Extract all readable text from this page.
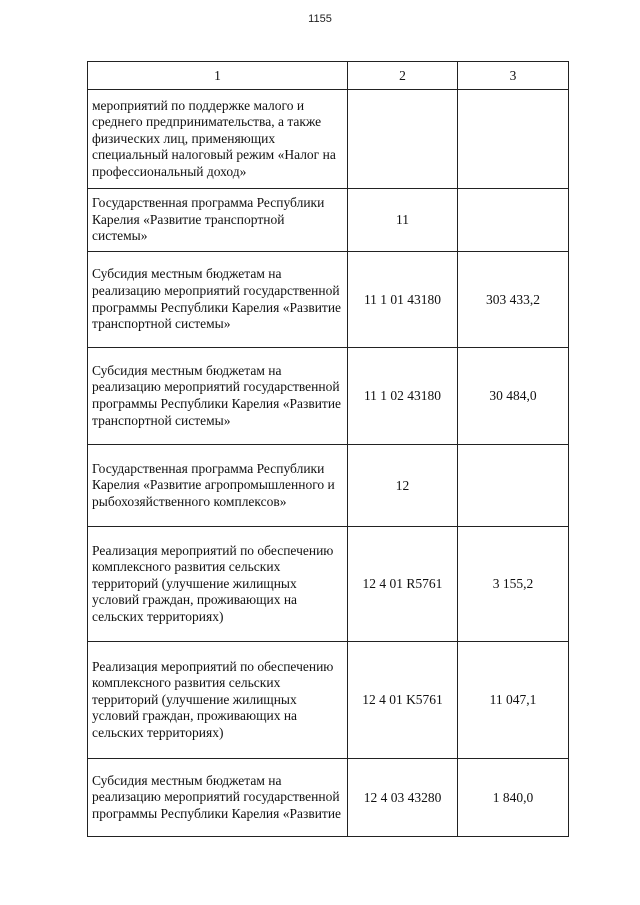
1155
1	2	3
мероприятий по поддержке малого и среднего предпринимательства, а также физических лиц, применяющих специальный налоговый режим «Налог на профессиональный доход»		
Государственная программа Республики Карелия «Развитие транспортной системы»	11	
Субсидия местным бюджетам на реализацию мероприятий государственной программы Республики Карелия «Развитие транспортной системы»	11 1 01 43180	303 433,2
Субсидия местным бюджетам на реализацию мероприятий государственной программы Республики Карелия «Развитие транспортной системы»	11 1 02 43180	30 484,0
Государственная программа Республики Карелия «Развитие агропромышленного и рыбохозяйственного комплексов»	12	
Реализация мероприятий по обеспечению комплексного развития сельских территорий (улучшение жилищных условий граждан, проживающих на сельских территориях)	12 4 01 R5761	3 155,2
Реализация мероприятий по обеспечению комплексного развития сельских территорий (улучшение жилищных условий граждан, проживающих на сельских территориях)	12 4 01 K5761	11 047,1
Субсидия местным бюджетам на реализацию мероприятий государственной программы Республики Карелия «Развитие	12 4 03 43280	1 840,0
